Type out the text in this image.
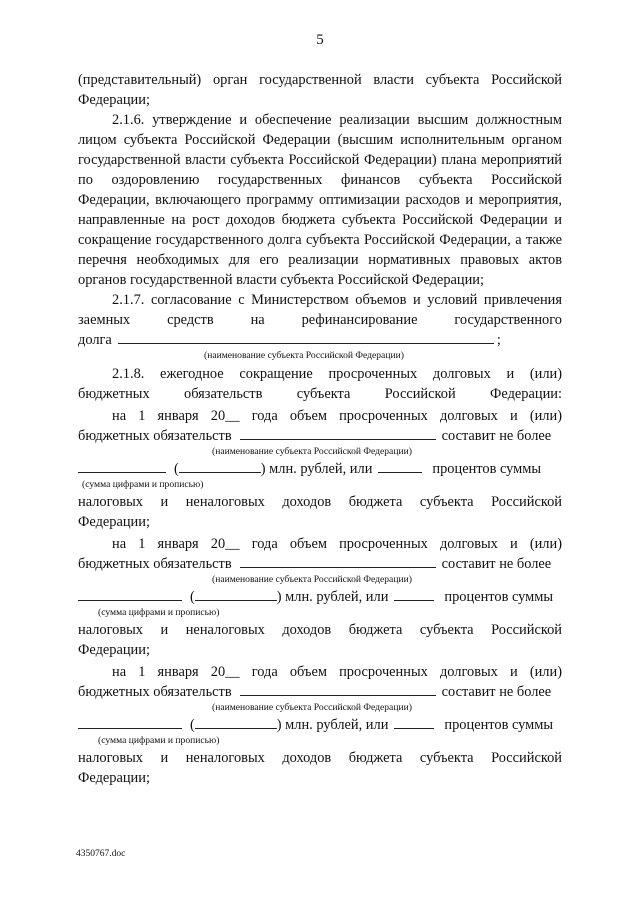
5

(представительный) орган государственной власти субъекта Российской Федерации;

2.1.6. утверждение и обеспечение реализации высшим должностным лицом субъекта Российской Федерации (высшим исполнительным органом государственной власти субъекта Российской Федерации) плана мероприятий по оздоровлению государственных финансов субъекта Российской Федерации, включающего программу оптимизации расходов и мероприятия, направленные на рост доходов бюджета субъекта Российской Федерации и сокращение государственного долга субъекта Российской Федерации, а также перечня необходимых для его реализации нормативных правовых актов органов государственной власти субъекта Российской Федерации;

2.1.7. согласование с Министерством объемов и условий привлечения заемных средств на рефинансирование государственного

долга	;
(наименование субъекта Российской Федерации)

2.1.8. ежегодное сокращение просроченных долговых и (или) бюджетных обязательств субъекта Российской Федерации:

на 1 января 20__ года объем просроченных долговых и (или)

бюджетных обязательств	составит не более
(наименование субъекта Российской Федерации)
(	) млн. рублей, или	процентов суммы
(сумма цифрами и прописью)

налоговых и неналоговых доходов бюджета субъекта Российской

Федерации;

на 1 января 20__ года объем просроченных долговых и (или)

бюджетных обязательств	составит не более
(наименование субъекта Российской Федерации)
(	) млн. рублей, или	процентов суммы
(сумма цифрами и прописью)

налоговых и неналоговых доходов бюджета субъекта Российской

Федерации;

на 1 января 20__ года объем просроченных долговых и (или)

бюджетных обязательств	составит не более
(наименование субъекта Российской Федерации)
(	) млн. рублей, или	процентов суммы
(сумма цифрами и прописью)

налоговых и неналоговых доходов бюджета субъекта Российской

Федерации;

4350767.doc
